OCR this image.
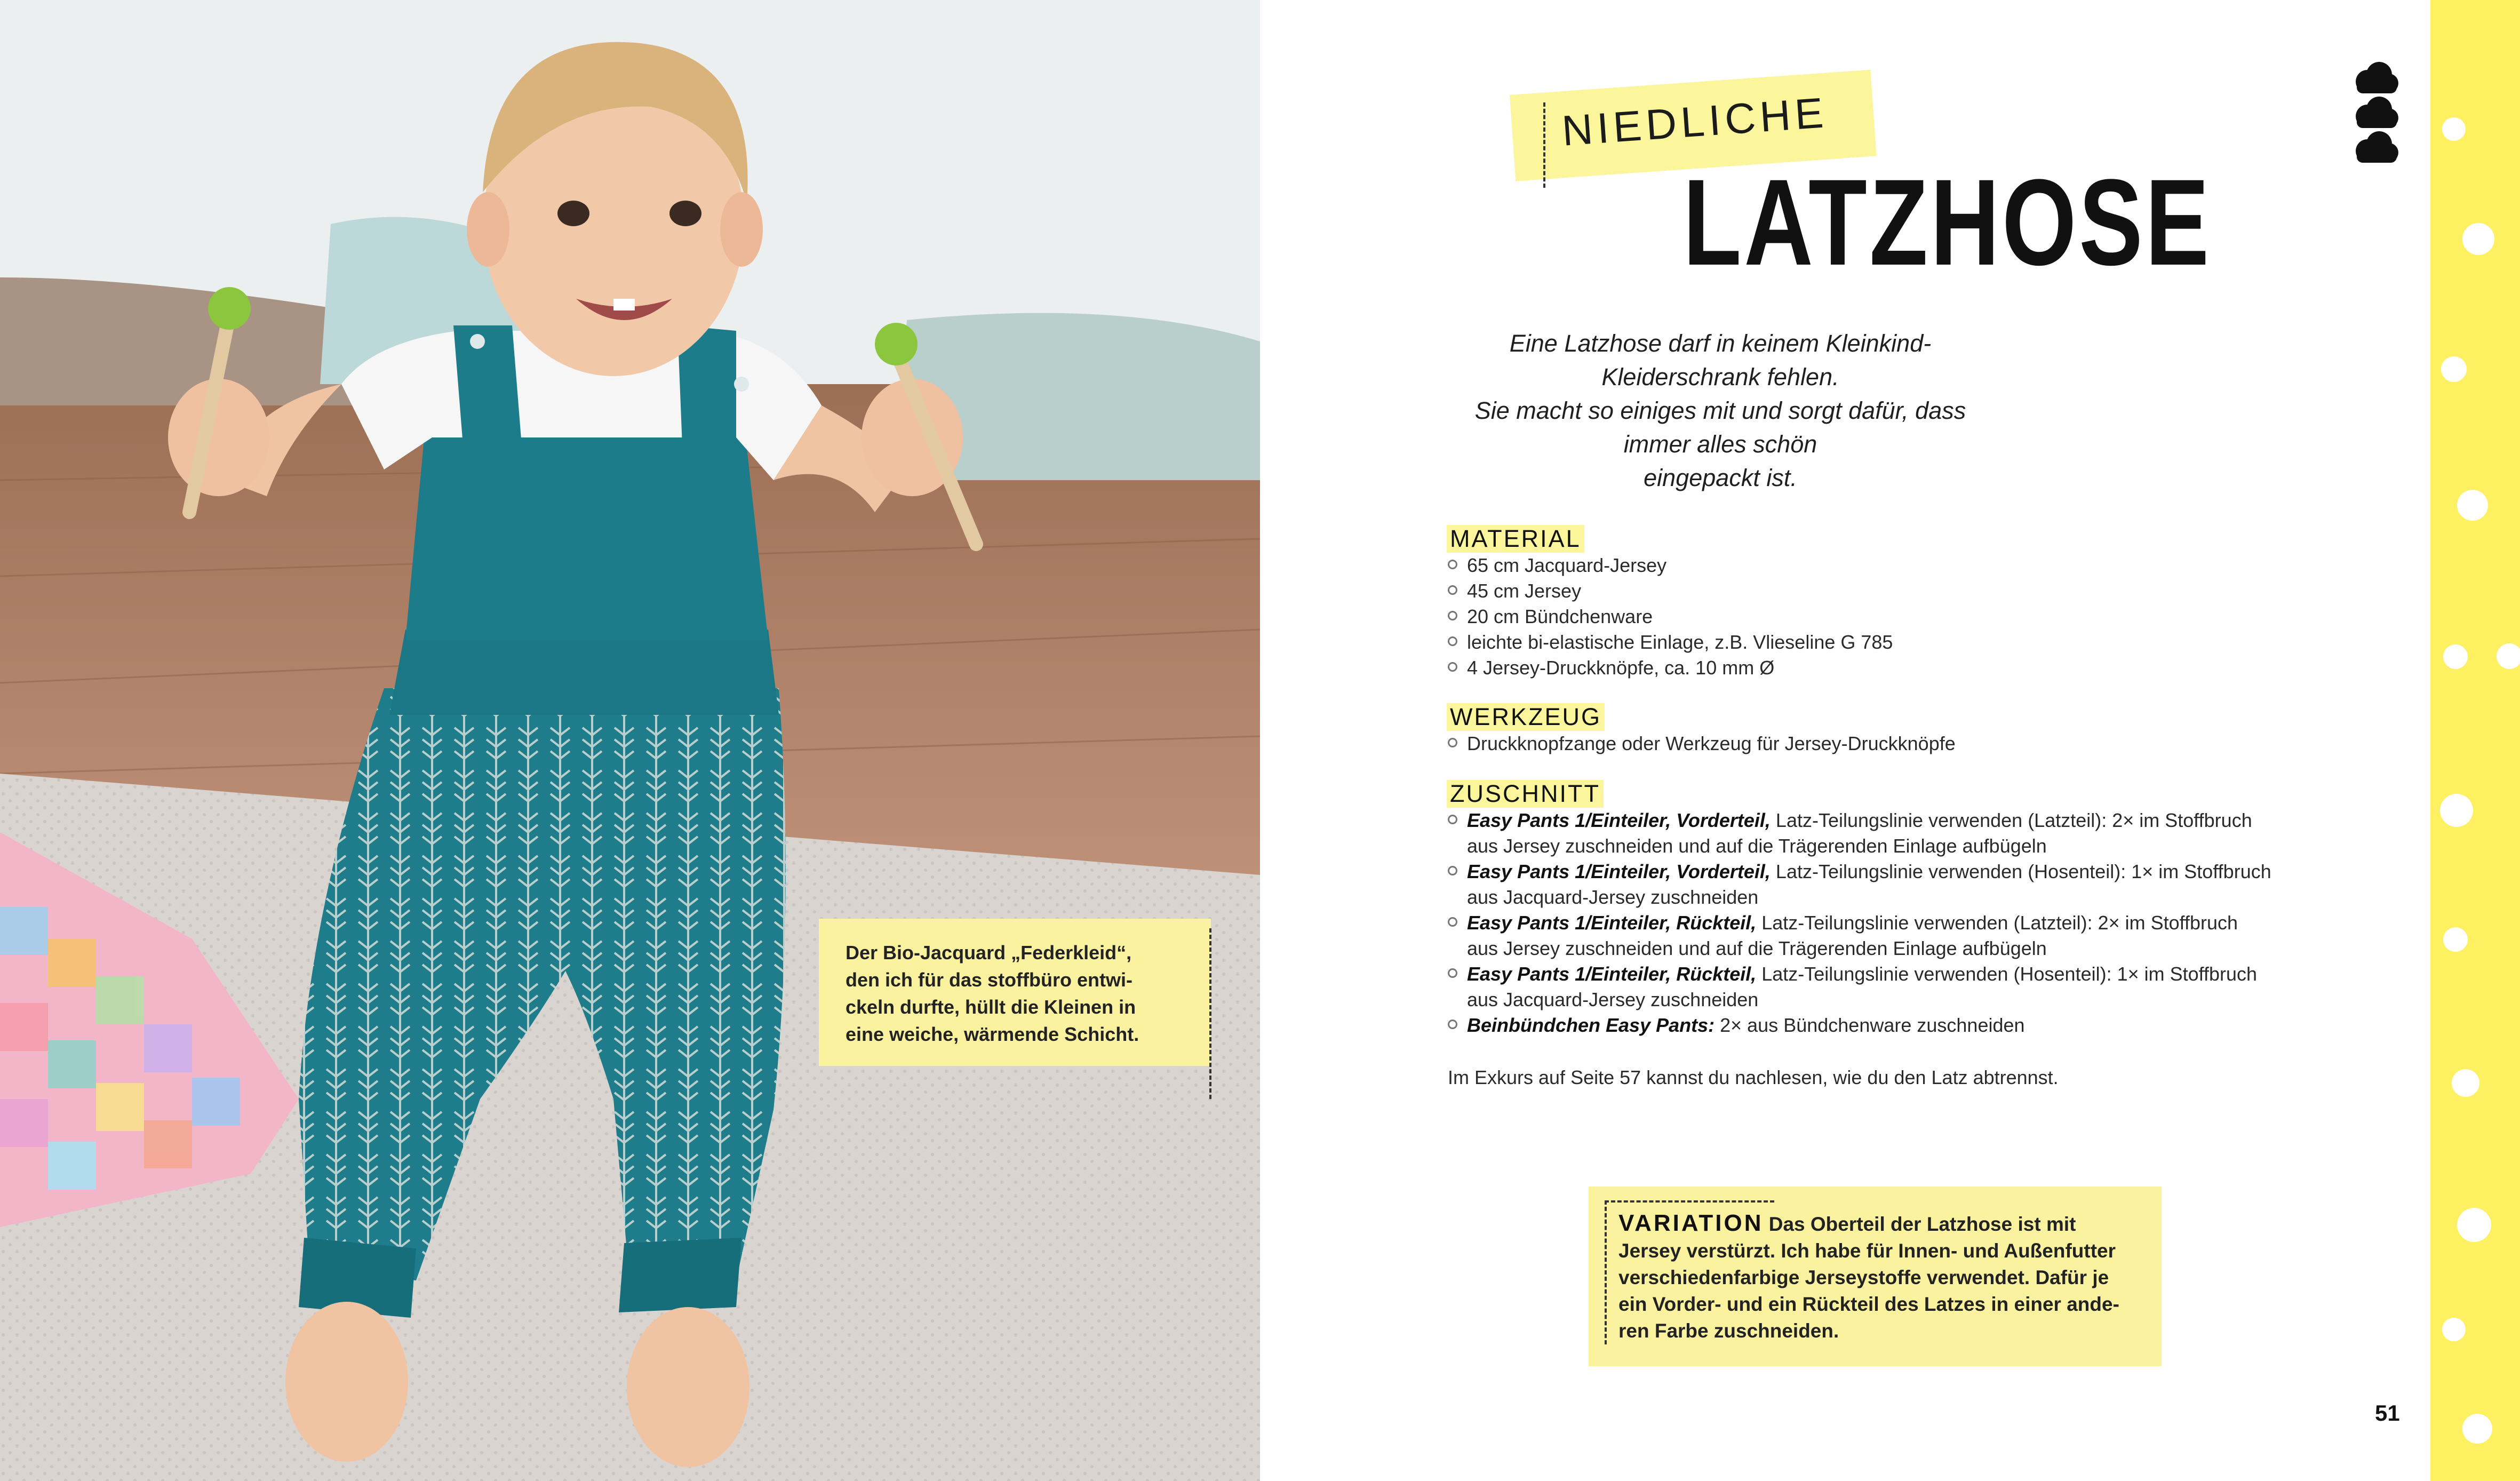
Der Bio-Jacquard „Federkleid“,
den ich für das stoffbüro entwi-
ckeln durfte, hüllt die Kleinen in
eine weiche, wärmende Schicht.
NIEDLICHE
LATZHOSE
Eine Latzhose darf in keinem Kleinkind-Kleiderschrank fehlen.
Sie macht so einiges mit und sorgt dafür, dass immer alles schön
eingepackt ist.
MATERIAL
65 cm Jacquard-Jersey
45 cm Jersey
20 cm Bündchenware
leichte bi-elastische Einlage, z.B. Vlieseline G 785
4 Jersey-Druckknöpfe, ca. 10 mm Ø
WERKZEUG
Druckknopfzange oder Werkzeug für Jersey-Druckknöpfe
ZUSCHNITT
Easy Pants 1/Einteiler, Vorderteil, Latz-Teilungslinie verwenden (Latzteil): 2× im Stoffbruch
aus Jersey zuschneiden und auf die Trägerenden Einlage aufbügeln
Easy Pants 1/Einteiler, Vorderteil, Latz-Teilungslinie verwenden (Hosenteil): 1× im Stoffbruch
aus Jacquard-Jersey zuschneiden
Easy Pants 1/Einteiler, Rückteil, Latz-Teilungslinie verwenden (Latzteil): 2× im Stoffbruch
aus Jersey zuschneiden und auf die Trägerenden Einlage aufbügeln
Easy Pants 1/Einteiler, Rückteil, Latz-Teilungslinie verwenden (Hosenteil): 1× im Stoffbruch
aus Jacquard-Jersey zuschneiden
Beinbündchen Easy Pants: 2× aus Bündchenware zuschneiden
Im Exkurs auf Seite 57 kannst du nachlesen, wie du den Latz abtrennst.
VARIATION Das Oberteil der Latzhose ist mit
Jersey verstürzt. Ich habe für Innen- und Außenfutter
verschiedenfarbige Jerseystoffe verwendet. Dafür je
ein Vorder- und ein Rückteil des Latzes in einer ande-
ren Farbe zuschneiden.
51
